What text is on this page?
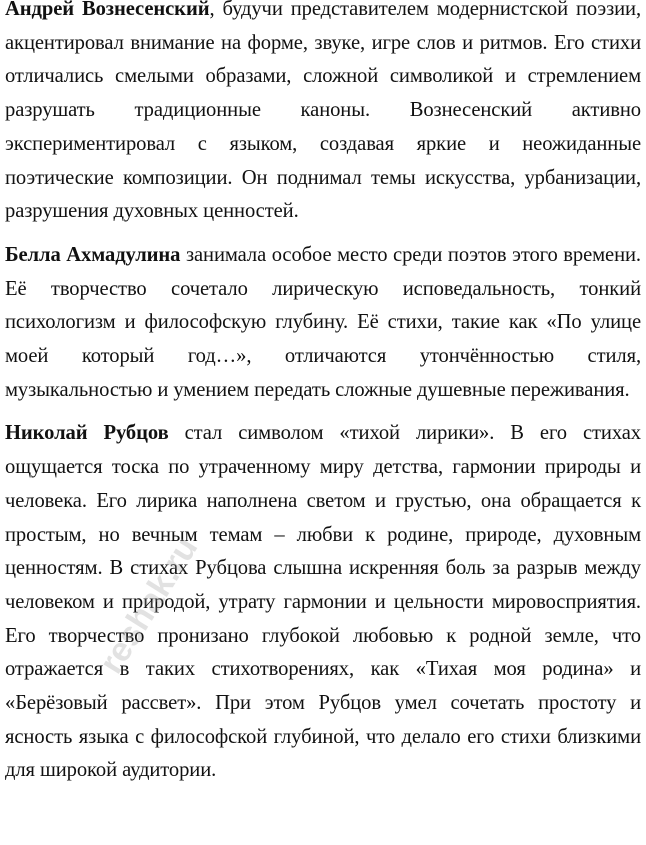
Андрей Вознесенский, будучи представителем модернистской поэзии, акцентировал внимание на форме, звуке, игре слов и ритмов. Его стихи отличались смелыми образами, сложной символикой и стремлением разрушать традиционные каноны. Вознесенский активно экспериментировал с языком, создавая яркие и неожиданные поэтические композиции. Он поднимал темы искусства, урбанизации, разрушения духовных ценностей.

Белла Ахмадулина занимала особое место среди поэтов этого времени. Её творчество сочетало лирическую исповедальность, тонкий психологизм и философскую глубину. Её стихи, такие как «По улице моей который год…», отличаются утончённостью стиля, музыкальностью и умением передать сложные душевные переживания.

Николай Рубцов стал символом «тихой лирики». В его стихах ощущается тоска по утраченному миру детства, гармонии природы и человека. Его лирика наполнена светом и грустью, она обращается к простым, но вечным темам – любви к родине, природе, духовным ценностям. В стихах Рубцова слышна искренняя боль за разрыв между человеком и природой, утрату гармонии и цельности мировосприятия. Его творчество пронизано глубокой любовью к родной земле, что отражается в таких стихотворениях, как «Тихая моя родина» и «Берёзовый рассвет». При этом Рубцов умел сочетать простоту и ясность языка с философской глубиной, что делало его стихи близкими для широкой аудитории.

reshak.ru
